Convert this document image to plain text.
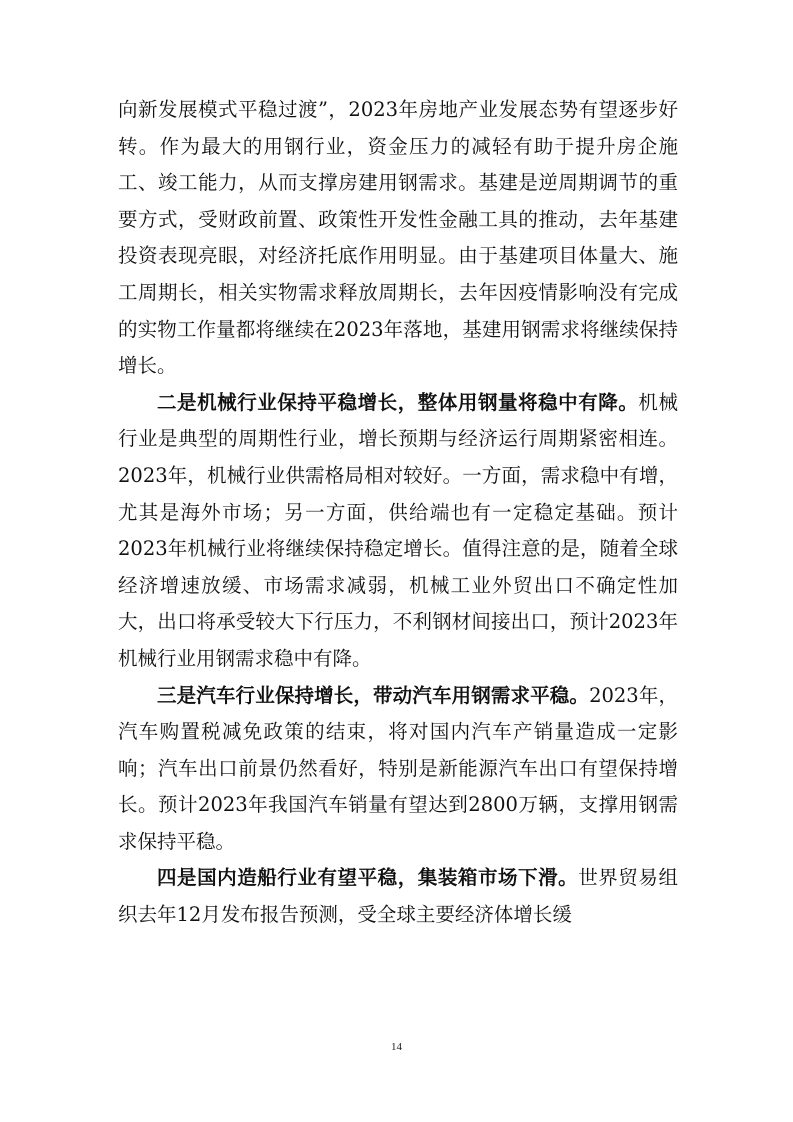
向新发展模式平稳过渡”，2023年房地产业发展态势有望逐步好转。作为最大的用钢行业，资金压力的减轻有助于提升房企施工、竣工能力，从而支撑房建用钢需求。基建是逆周期调节的重要方式，受财政前置、政策性开发性金融工具的推动，去年基建投资表现亮眼，对经济托底作用明显。由于基建项目体量大、施工周期长，相关实物需求释放周期长，去年因疫情影响没有完成的实物工作量都将继续在2023年落地，基建用钢需求将继续保持增长。

二是机械行业保持平稳增长，整体用钢量将稳中有降。机械行业是典型的周期性行业，增长预期与经济运行周期紧密相连。2023年，机械行业供需格局相对较好。一方面，需求稳中有增，尤其是海外市场；另一方面，供给端也有一定稳定基础。预计2023年机械行业将继续保持稳定增长。值得注意的是，随着全球经济增速放缓、市场需求减弱，机械工业外贸出口不确定性加大，出口将承受较大下行压力，不利钢材间接出口，预计2023年机械行业用钢需求稳中有降。

三是汽车行业保持增长，带动汽车用钢需求平稳。2023年，汽车购置税减免政策的结束，将对国内汽车产销量造成一定影响；汽车出口前景仍然看好，特别是新能源汽车出口有望保持增长。预计2023年我国汽车销量有望达到2800万辆，支撑用钢需求保持平稳。

四是国内造船行业有望平稳，集装箱市场下滑。世界贸易组织去年12月发布报告预测，受全球主要经济体增长缓

14
